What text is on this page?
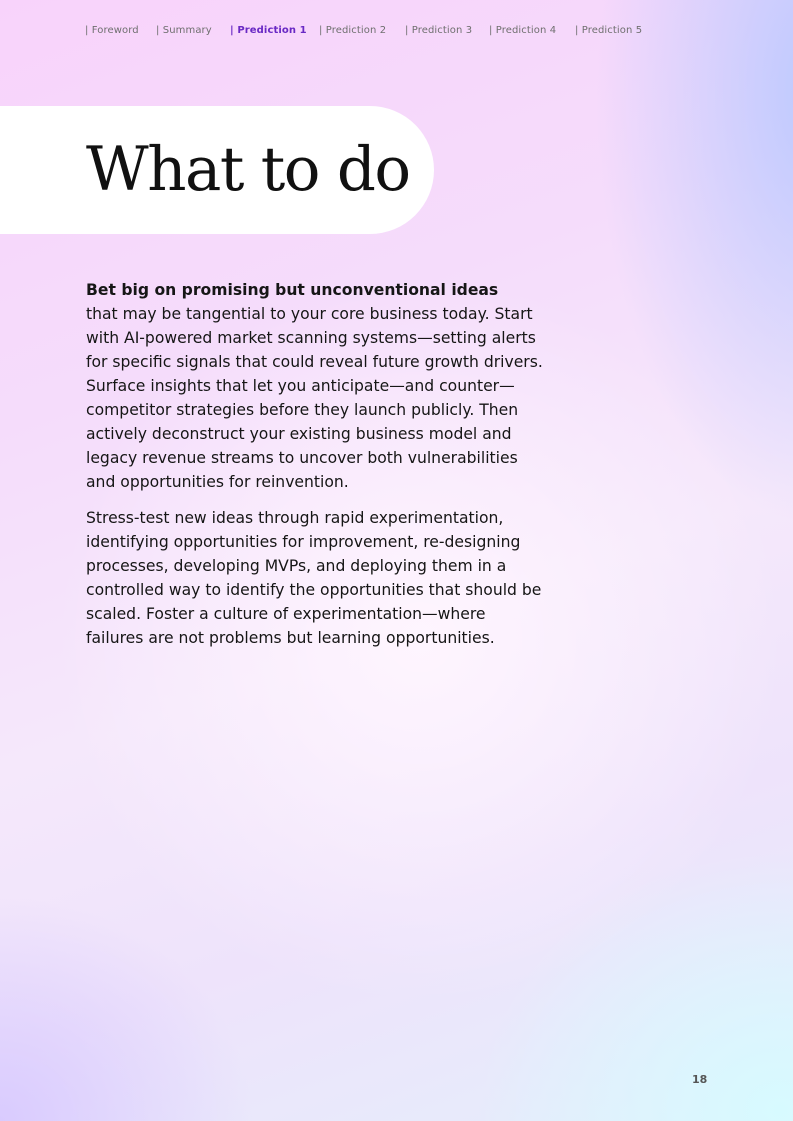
| Foreword | Summary | Prediction 1 | Prediction 2 | Prediction 3 | Prediction 4 | Prediction 5
What to do

Bet big on promising but unconventional ideas
that may be tangential to your core business today. Start with AI-powered market scanning systems—setting alerts for specific signals that could reveal future growth drivers. Surface insights that let you anticipate—and counter—competitor strategies before they launch publicly. Then actively deconstruct your existing business model and legacy revenue streams to uncover both vulnerabilities and opportunities for reinvention.

Stress-test new ideas through rapid experimentation, identifying opportunities for improvement, re-designing processes, developing MVPs, and deploying them in a controlled way to identify the opportunities that should be scaled. Foster a culture of experimentation—where failures are not problems but learning opportunities.

18
